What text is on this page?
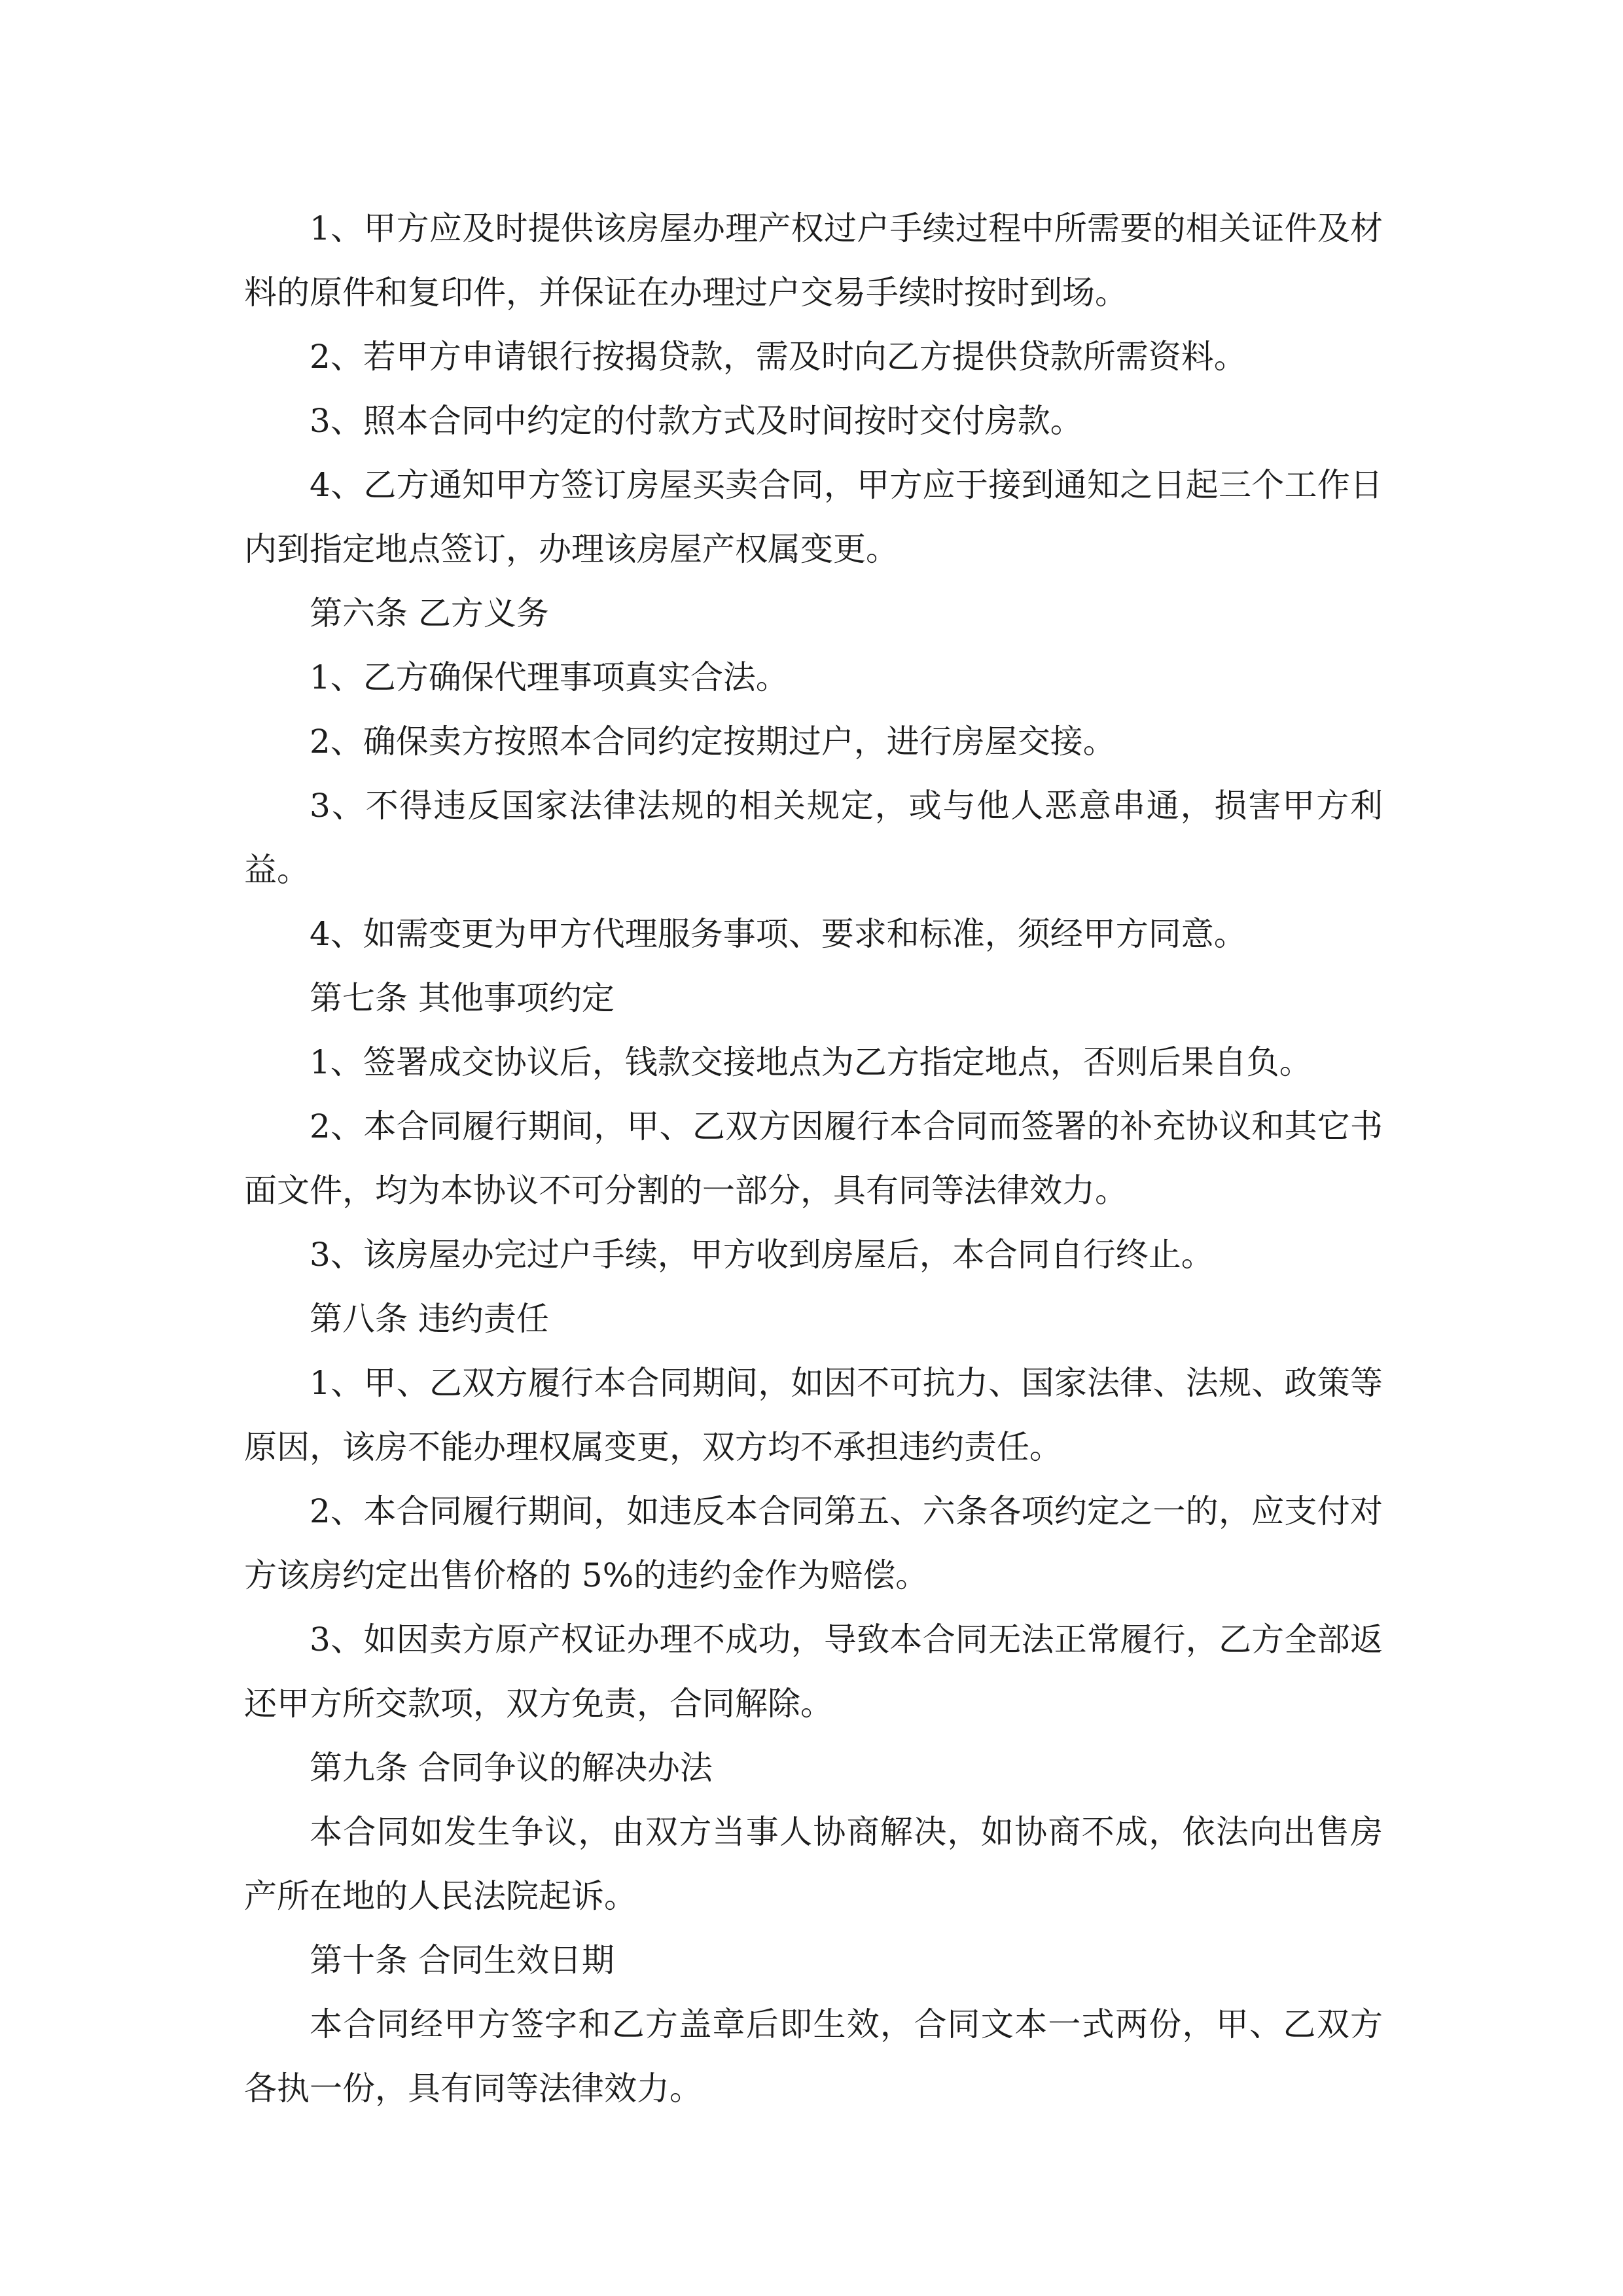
1、甲方应及时提供该房屋办理产权过户手续过程中所需要的相关证件及材料的原件和复印件，并保证在办理过户交易手续时按时到场。

2、若甲方申请银行按揭贷款，需及时向乙方提供贷款所需资料。

3、照本合同中约定的付款方式及时间按时交付房款。

4、乙方通知甲方签订房屋买卖合同，甲方应于接到通知之日起三个工作日内到指定地点签订，办理该房屋产权属变更。

第六条 乙方义务

1、乙方确保代理事项真实合法。

2、确保卖方按照本合同约定按期过户，进行房屋交接。

3、不得违反国家法律法规的相关规定，或与他人恶意串通，损害甲方利益。

4、如需变更为甲方代理服务事项、要求和标准，须经甲方同意。

第七条 其他事项约定

1、签署成交协议后，钱款交接地点为乙方指定地点，否则后果自负。

2、本合同履行期间，甲、乙双方因履行本合同而签署的补充协议和其它书面文件，均为本协议不可分割的一部分，具有同等法律效力。

3、该房屋办完过户手续，甲方收到房屋后，本合同自行终止。

第八条 违约责任

1、甲、乙双方履行本合同期间，如因不可抗力、国家法律、法规、政策等原因，该房不能办理权属变更，双方均不承担违约责任。

2、本合同履行期间，如违反本合同第五、六条各项约定之一的，应支付对方该房约定出售价格的 5%的违约金作为赔偿。

3、如因卖方原产权证办理不成功，导致本合同无法正常履行，乙方全部返还甲方所交款项，双方免责，合同解除。

第九条 合同争议的解决办法

本合同如发生争议，由双方当事人协商解决，如协商不成，依法向出售房产所在地的人民法院起诉。

第十条 合同生效日期

本合同经甲方签字和乙方盖章后即生效，合同文本一式两份，甲、乙双方各执一份，具有同等法律效力。
